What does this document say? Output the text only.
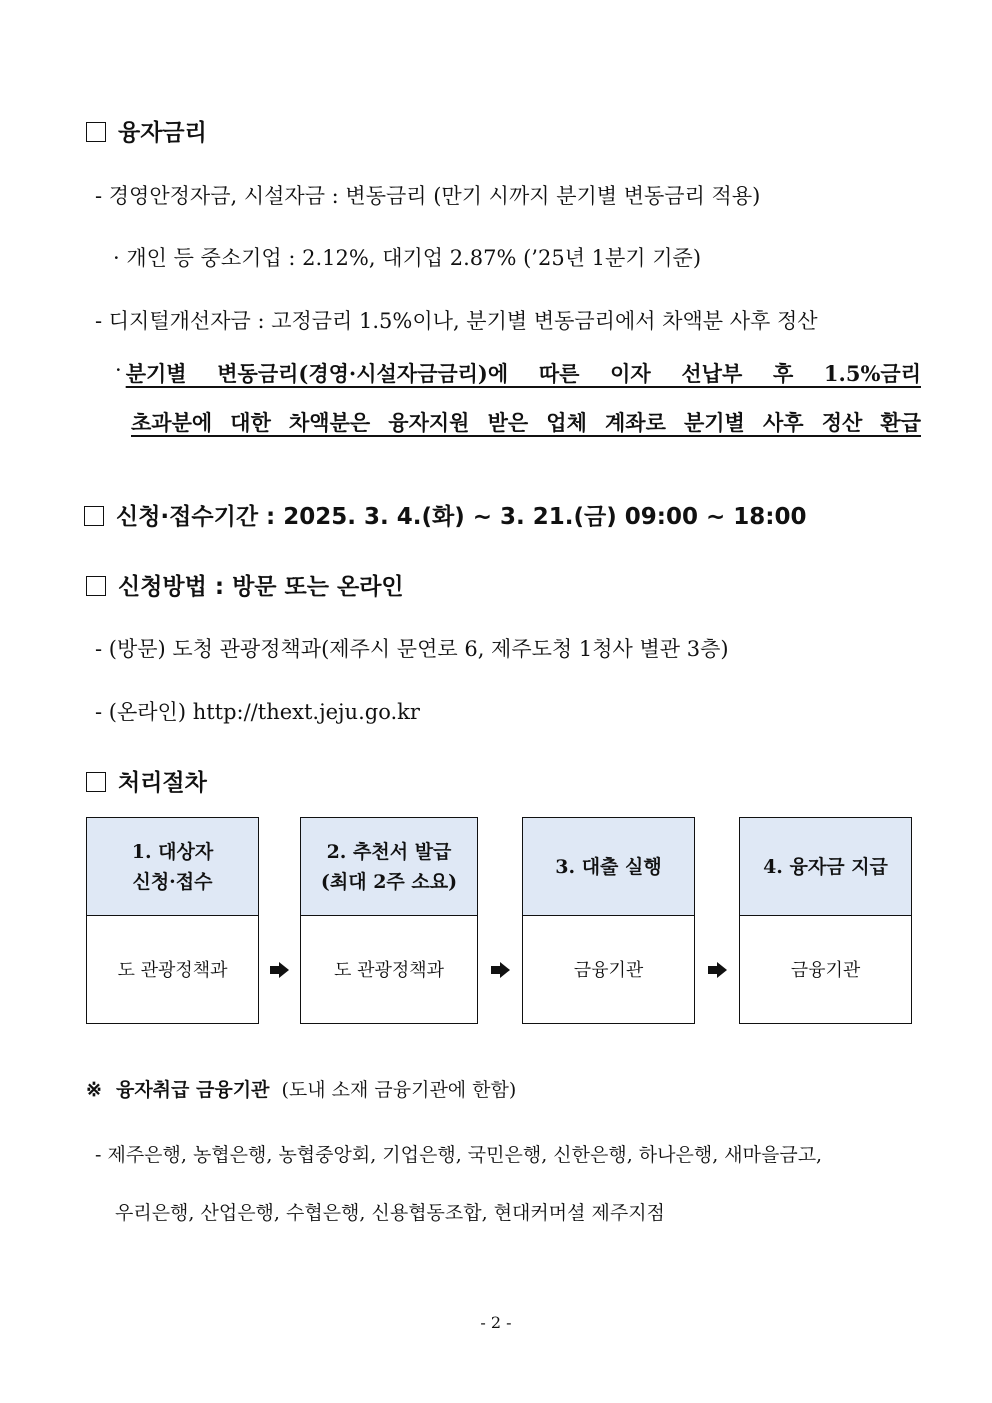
융자금리
- 경영안정자금, 시설자금 : 변동금리 (만기 시까지 분기별 변동금리 적용)
· 개인 등 중소기업 : 2.12%, 대기업 2.87% (’25년 1분기 기준)
- 디지털개선자금 : 고정금리 1.5%이나, 분기별 변동금리에서 차액분 사후 정산
· 분기별 변동금리(경영·시설자금금리)에 따른 이자 선납부 후 1.5%금리
초과분에 대한 차액분은 융자지원 받은 업체 계좌로 분기별 사후 정산 환급
신청·접수기간 : 2025. 3. 4.(화) ~ 3. 21.(금) 09:00 ~ 18:00
신청방법 : 방문 또는 온라인
- (방문) 도청 관광정책과(제주시 문연로 6, 제주도청 1청사 별관 3층)
- (온라인) http://thext.jeju.go.kr
처리절차
1. 대상자
신청·접수
도 관광정책과
2. 추천서 발급
(최대 2주 소요)
도 관광정책과
3. 대출 실행
금융기관
4. 융자금 지급
금융기관
※ 융자취급 금융기관 (도내 소재 금융기관에 한함)
- 제주은행, 농협은행, 농협중앙회, 기업은행, 국민은행, 신한은행, 하나은행, 새마을금고,
우리은행, 산업은행, 수협은행, 신용협동조합, 현대커머셜 제주지점
- 2 -
